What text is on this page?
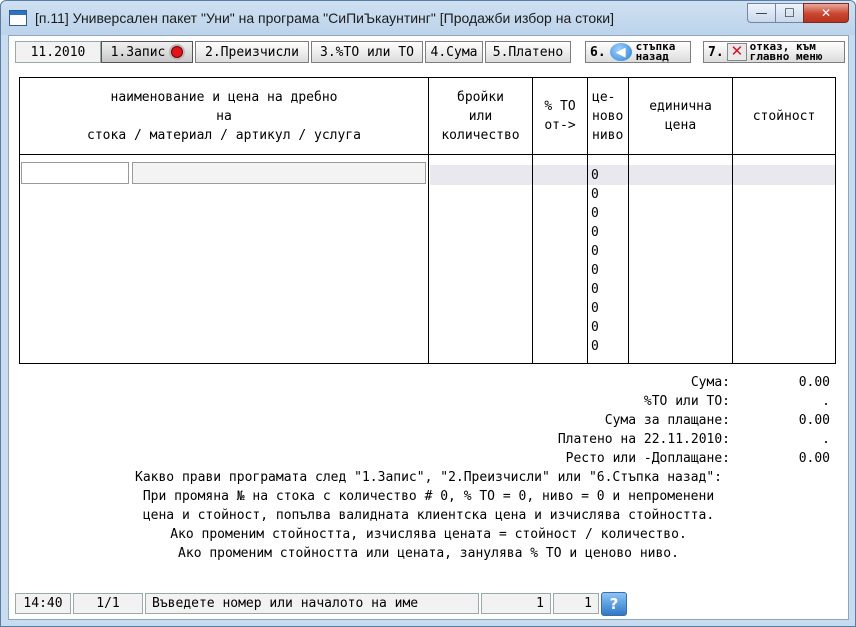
[п.11] Универсален пакет "Уни" на програма "СиПиЪкаунтинг" [Продажби избор на стоки]	—	☐	✕
11.2010	1.Запис	2.Преизчисли	3.%ТО или ТО	4.Сума	5.Платено	6. ◀ стъпка
назад	7.
✕ отказ, към
главно меню
наименование и цена на дребно
на
стока / материал / артикул / услуга
бройки
или
количество
% ТО
от->
це-
ново
ниво
единична
цена
стойност
0
0
0
0
0
0
0
0
0
0
Сума:	0.00
%ТО или ТО:	.
Сума за плащане:	0.00
Платено на 22.11.2010:	.
Ресто или -Доплащане:	0.00
Какво прави програмата след "1.Запис", "2.Преизчисли" или "6.Стъпка назад":
При промяна № на стока с количество # 0, % ТО = 0, ниво = 0 и непроменени
цена и стойност, попълва валидната клиентска цена и изчислява стойността.
Ако променим стойността, изчислява цената = стойност / количество.
Ако променим стойността или цената, занулява % ТО и ценово ниво.
14:40	1/1	Въведете номер или началото на име	1	1	?
